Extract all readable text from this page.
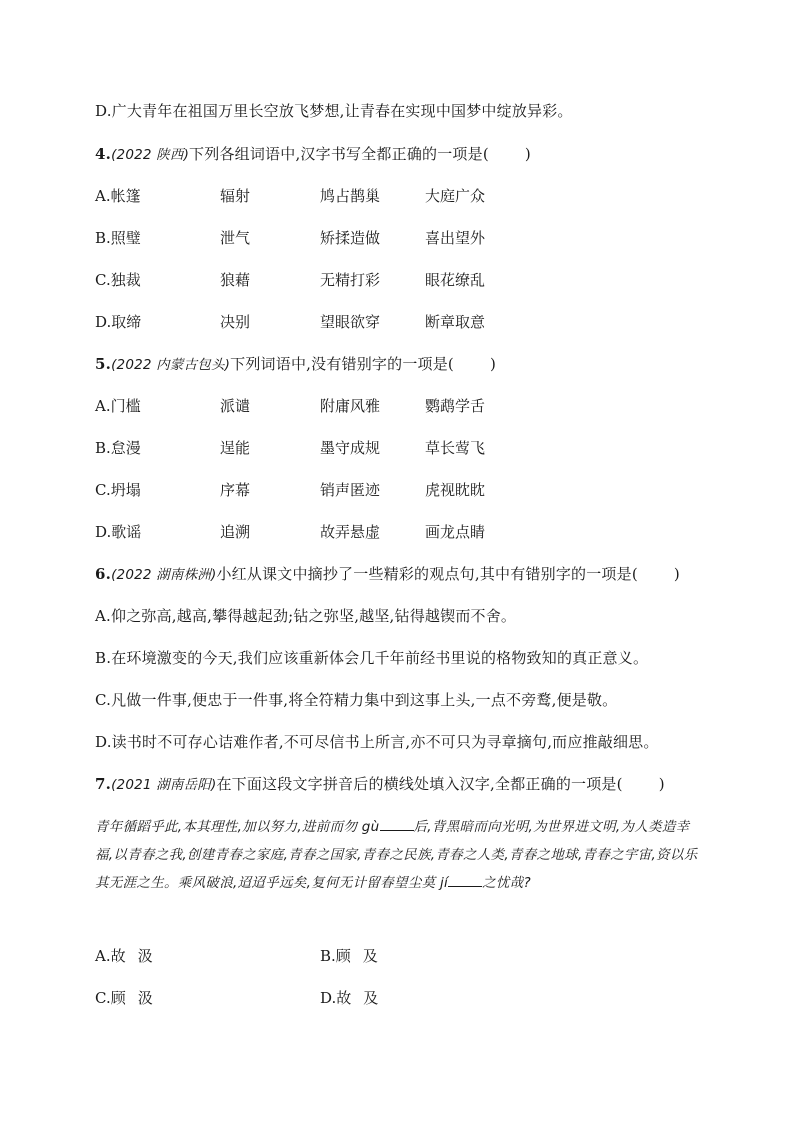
D.广大青年在祖国万里长空放飞梦想,让青春在实现中国梦中绽放异彩。
4.(2022 陕西)下列各组词语中,汉字书写全都正确的一项是( )
A.帐篷	辐射	鸠占鹊巢	大庭广众
B.照璧	泄气	矫揉造做	喜出望外
C.独裁	狼藉	无精打彩	眼花缭乱
D.取缔	决别	望眼欲穿	断章取意
5.(2022 内蒙古包头)下列词语中,没有错别字的一项是( )
A.门槛	派谴	附庸风雅	鹦鹉学舌
B.怠漫	逞能	墨守成规	草长莺飞
C.坍塌	序幕	销声匿迹	虎视眈眈
D.歌谣	追溯	故弄悬虚	画龙点睛
6.(2022 湖南株洲)小红从课文中摘抄了一些精彩的观点句,其中有错别字的一项是( )
A.仰之弥高,越高,攀得越起劲;钻之弥坚,越坚,钻得越锲而不舍。
B.在环境激变的今天,我们应该重新体会几千年前经书里说的格物致知的真正意义。
C.凡做一件事,便忠于一件事,将全符精力集中到这事上头,一点不旁鹜,便是敬。
D.读书时不可存心诘难作者,不可尽信书上所言,亦不可只为寻章摘句,而应推敲细思。
7.(2021 湖南岳阳)在下面这段文字拼音后的横线处填入汉字,全都正确的一项是( )
青年循蹈乎此,本其理性,加以努力,进前而勿 gù	后,背黑暗而向光明,为世界进文明,为人类造幸福,以青春之我,创建青春之家庭,青春之国家,青春之民族,青春之人类,青春之地球,青春之宇宙,资以乐其无涯之生。乘风破浪,迢迢乎远矣,复何无计留春望尘莫 jí	之忧哉?
A.故 汲	B.顾 及
C.顾 汲	D.故 及
